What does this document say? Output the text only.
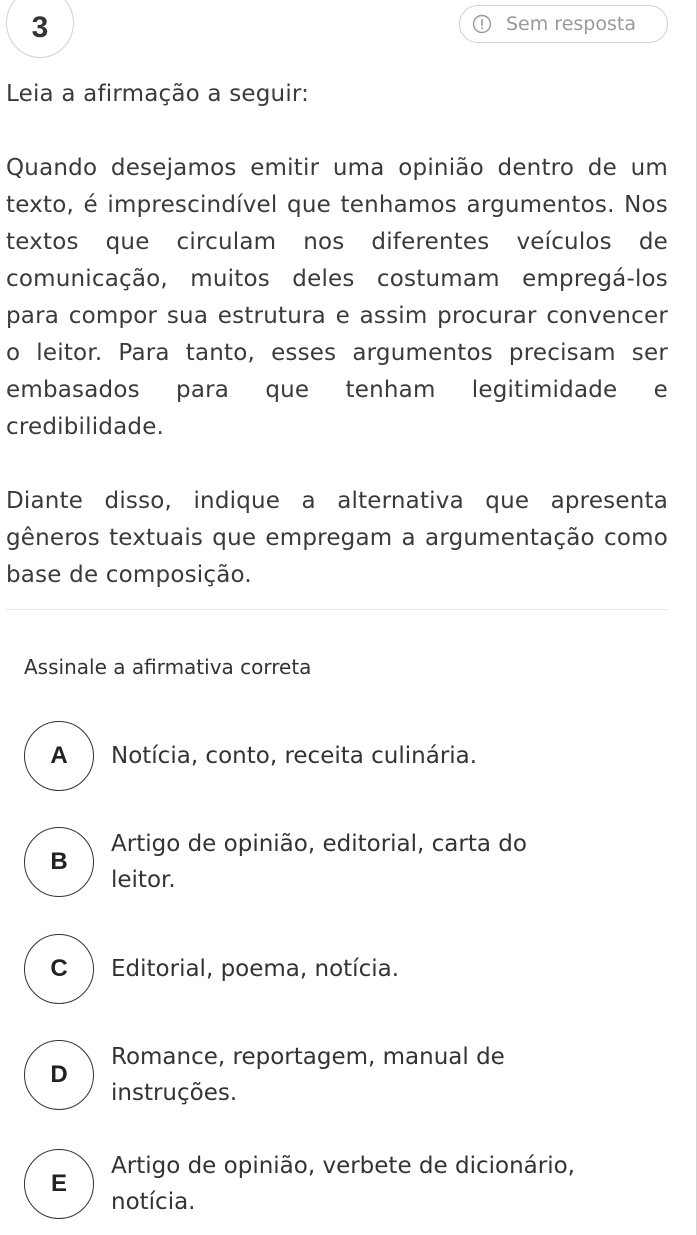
3	Sem resposta

Leia a afirmação a seguir:

Quando desejamos emitir uma opinião dentro de um texto, é imprescindível que tenhamos argumentos. Nos textos que circulam nos diferentes veículos de comunicação, muitos deles costumam empregá-los para compor sua estrutura e assim procurar convencer o leitor. Para tanto, esses argumentos precisam ser embasados para que tenham legitimidade e credibilidade.

Diante disso, indique a alternativa que apresenta gêneros textuais que empregam a argumentação como base de composição.

Assinale a afirmativa correta
A	Notícia, conto, receita culinária.
B
Artigo de opinião, editorial, carta do leitor.
C	Editorial, poema, notícia.
D
Romance, reportagem, manual de instruções.
E
Artigo de opinião, verbete de dicionário, notícia.
